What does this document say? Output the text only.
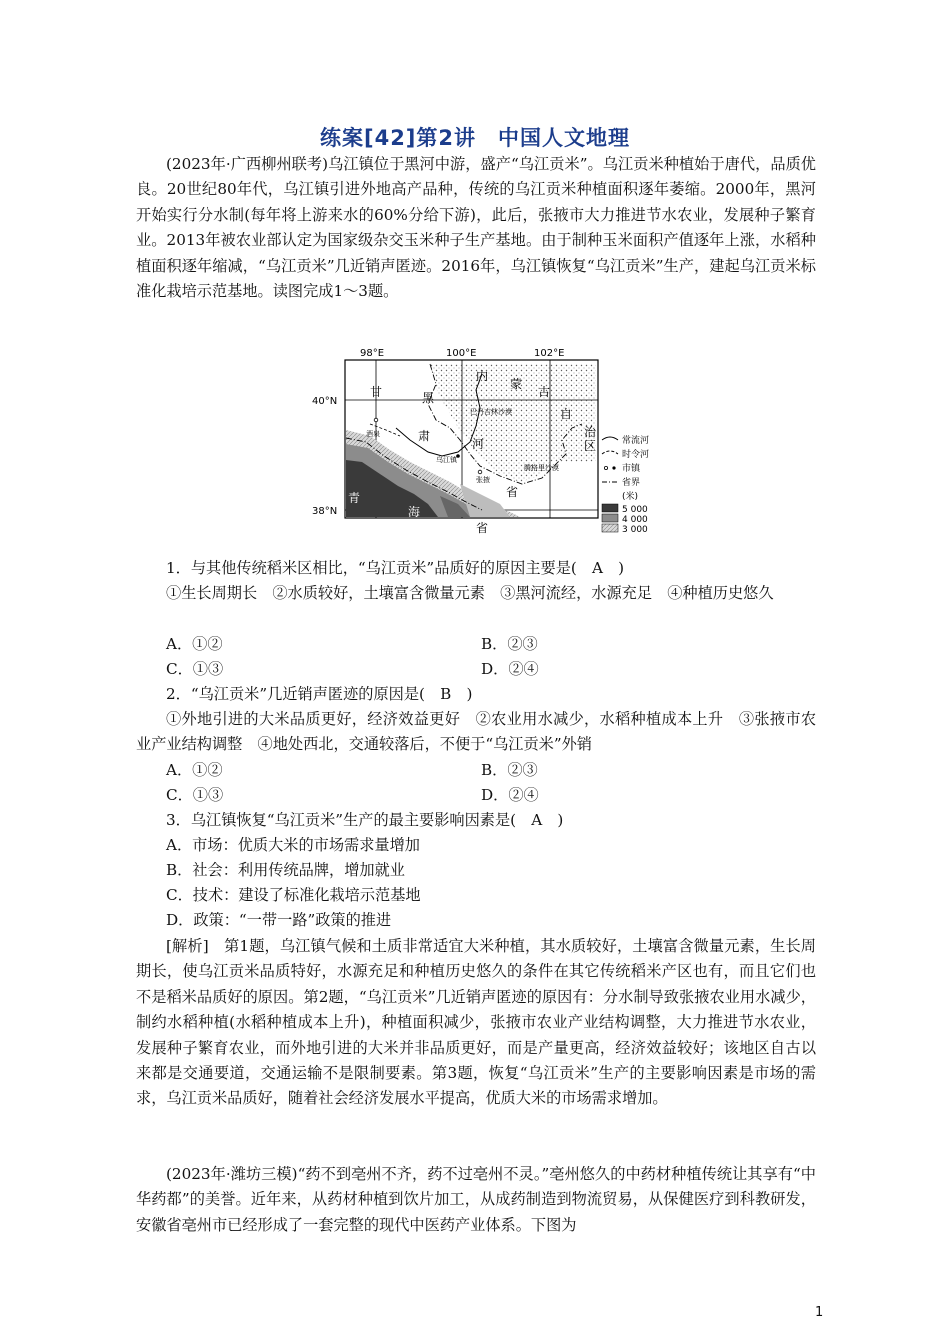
练案[42]第2讲　中国人文地理

(2023年·广西柳州联考)乌江镇位于黑河中游，盛产“乌江贡米”。乌江贡米种植始于唐代，品质优良。20世纪80年代，乌江镇引进外地高产品种，传统的乌江贡米种植面积逐年萎缩。2000年，黑河开始实行分水制(每年将上游来水的60%分给下游)，此后，张掖市大力推进节水农业，发展种子繁育业。2013年被农业部认定为国家级杂交玉米种子生产基地。由于制种玉米面积产值逐年上涨，水稻种植面积逐年缩减，“乌江贡米”几近销声匿迹。2016年，乌江镇恢复“乌江贡米”生产，建起乌江贡米标准化栽培示范基地。读图完成1～3题。

98°E	100°E	102°E
40°N
38°N
甘	黑
肃
河
省
青
海
省
内
蒙
古
自
治
区
酒泉
乌江镇
张掖
巴丹吉林沙漠
腾格里沙漠
常流河
时令河
市镇
省界
(米)
5 000
4 000
3 000

1．与其他传统稻米区相比，“乌江贡米”品质好的原因主要是(　A　)

①生长周期长　②水质较好，土壤富含微量元素　③黑河流经，水源充足　④种植历史悠久

A．①②	B．②③

C．①③	D．②④

2．“乌江贡米”几近销声匿迹的原因是(　B　)

①外地引进的大米品质更好，经济效益更好　②农业用水减少，水稻种植成本上升　③张掖市农业产业结构调整　④地处西北，交通较落后，不便于“乌江贡米”外销

A．①②	B．②③

C．①③	D．②④

3．乌江镇恢复“乌江贡米”生产的最主要影响因素是(　A　)

A．市场：优质大米的市场需求量增加

B．社会：利用传统品牌，增加就业

C．技术：建设了标准化栽培示范基地

D．政策：“一带一路”政策的推进

[解析]　第1题，乌江镇气候和土质非常适宜大米种植，其水质较好，土壤富含微量元素，生长周期长，使乌江贡米品质特好，水源充足和种植历史悠久的条件在其它传统稻米产区也有，而且它们也不是稻米品质好的原因。第2题，“乌江贡米”几近销声匿迹的原因有：分水制导致张掖农业用水减少，制约水稻种植(水稻种植成本上升)，种植面积减少，张掖市农业产业结构调整，大力推进节水农业，发展种子繁育农业，而外地引进的大米并非品质更好，而是产量更高，经济效益较好；该地区自古以来都是交通要道，交通运输不是限制要素。第3题，恢复“乌江贡米”生产的主要影响因素是市场的需求，乌江贡米品质好，随着社会经济发展水平提高，优质大米的市场需求增加。

(2023年·潍坊三模)“药不到亳州不齐，药不过亳州不灵。”亳州悠久的中药材种植传统让其享有“中华药都”的美誉。近年来，从药材种植到饮片加工，从成药制造到物流贸易，从保健医疗到科教研发，安徽省亳州市已经形成了一套完整的现代中医药产业体系。下图为

1
